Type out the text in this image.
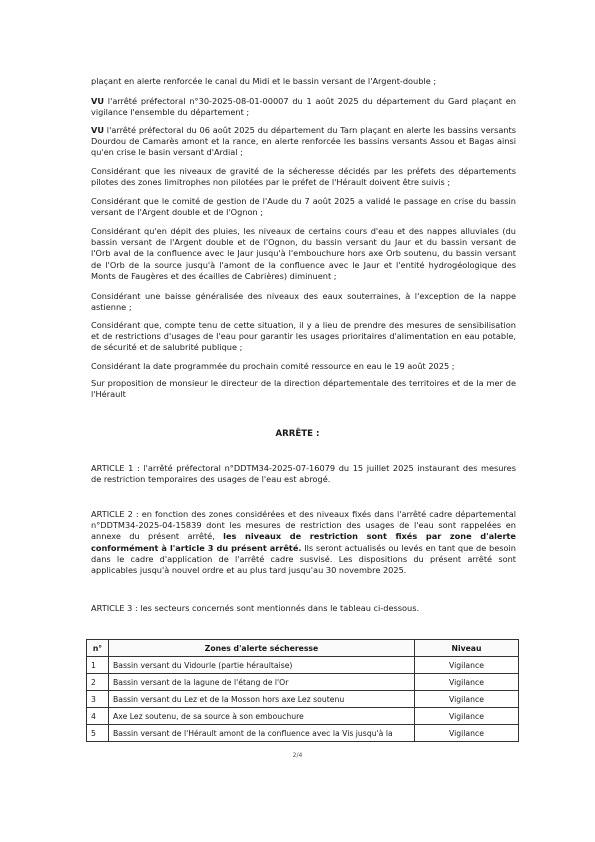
plaçant en alerte renforcée le canal du Midi et le bassin versant de l'Argent-double ;

VU l'arrêté préfectoral n°30-2025-08-01-00007 du 1 août 2025 du département du Gard plaçant en vigilance l'ensemble du département ;

VU l'arrêté préfectoral du 06 août 2025 du département du Tarn plaçant en alerte les bassins versants Dourdou de Camarès amont et la rance, en alerte renforcée les bassins versants Assou et Bagas ainsi qu'en crise le basin versant d'Ardial ;

Considérant que les niveaux de gravité de la sécheresse décidés par les préfets des départements pilotes des zones limitrophes non pilotées par le préfet de l'Hérault doivent être suivis ;

Considérant que le comité de gestion de l'Aude du 7 août 2025 a validé le passage en crise du bassin versant de l'Argent double et de l'Ognon ;

Considérant qu'en dépit des pluies, les niveaux de certains cours d'eau et des nappes alluviales (du bassin versant de l'Argent double et de l'Ognon, du bassin versant du Jaur et du bassin versant de l'Orb aval de la confluence avec le Jaur jusqu'à l'embouchure hors axe Orb soutenu, du bassin versant de l'Orb de la source jusqu'à l'amont de la confluence avec le Jaur et l'entité hydrogéologique des Monts de Faugères et des écailles de Cabrières) diminuent ;

Considérant une baisse généralisée des niveaux des eaux souterraines, à l'exception de la nappe astienne ;

Considérant que, compte tenu de cette situation, il y a lieu de prendre des mesures de sensibilisation et de restrictions d'usages de l'eau pour garantir les usages prioritaires d'alimentation en eau potable, de sécurité et de salubrité publique ;

Considérant la date programmée du prochain comité ressource en eau le 19 août 2025 ;

Sur proposition de monsieur le directeur de la direction départementale des territoires et de la mer de l'Hérault

ARRÊTE :

ARTICLE 1 : l'arrêté préfectoral n°DDTM34-2025-07-16079 du 15 juillet 2025 instaurant des mesures de restriction temporaires des usages de l'eau est abrogé.

ARTICLE 2 : en fonction des zones considérées et des niveaux fixés dans l'arrêté cadre départemental n°DDTM34-2025-04-15839 dont les mesures de restriction des usages de l'eau sont rappelées en annexe du présent arrêté, les niveaux de restriction sont fixés par zone d'alerte conformément à l'article 3 du présent arrêté. Ils seront actualisés ou levés en tant que de besoin dans le cadre d'application de l'arrêté cadre susvisé. Les dispositions du présent arrêté sont applicables jusqu'à nouvel ordre et au plus tard jusqu'au 30 novembre 2025.

ARTICLE 3 : les secteurs concernés sont mentionnés dans le tableau ci-dessous.

n°	Zones d'alerte sécheresse	Niveau
1	Bassin versant du Vidourle (partie héraultaise)	Vigilance
2	Bassin versant de la lagune de l'étang de l'Or	Vigilance
3	Bassin versant du Lez et de la Mosson hors axe Lez soutenu	Vigilance
4	Axe Lez soutenu, de sa source à son embouchure	Vigilance
5	Bassin versant de l'Hérault amont de la confluence avec la Vis jusqu'à la	Vigilance
2/4
